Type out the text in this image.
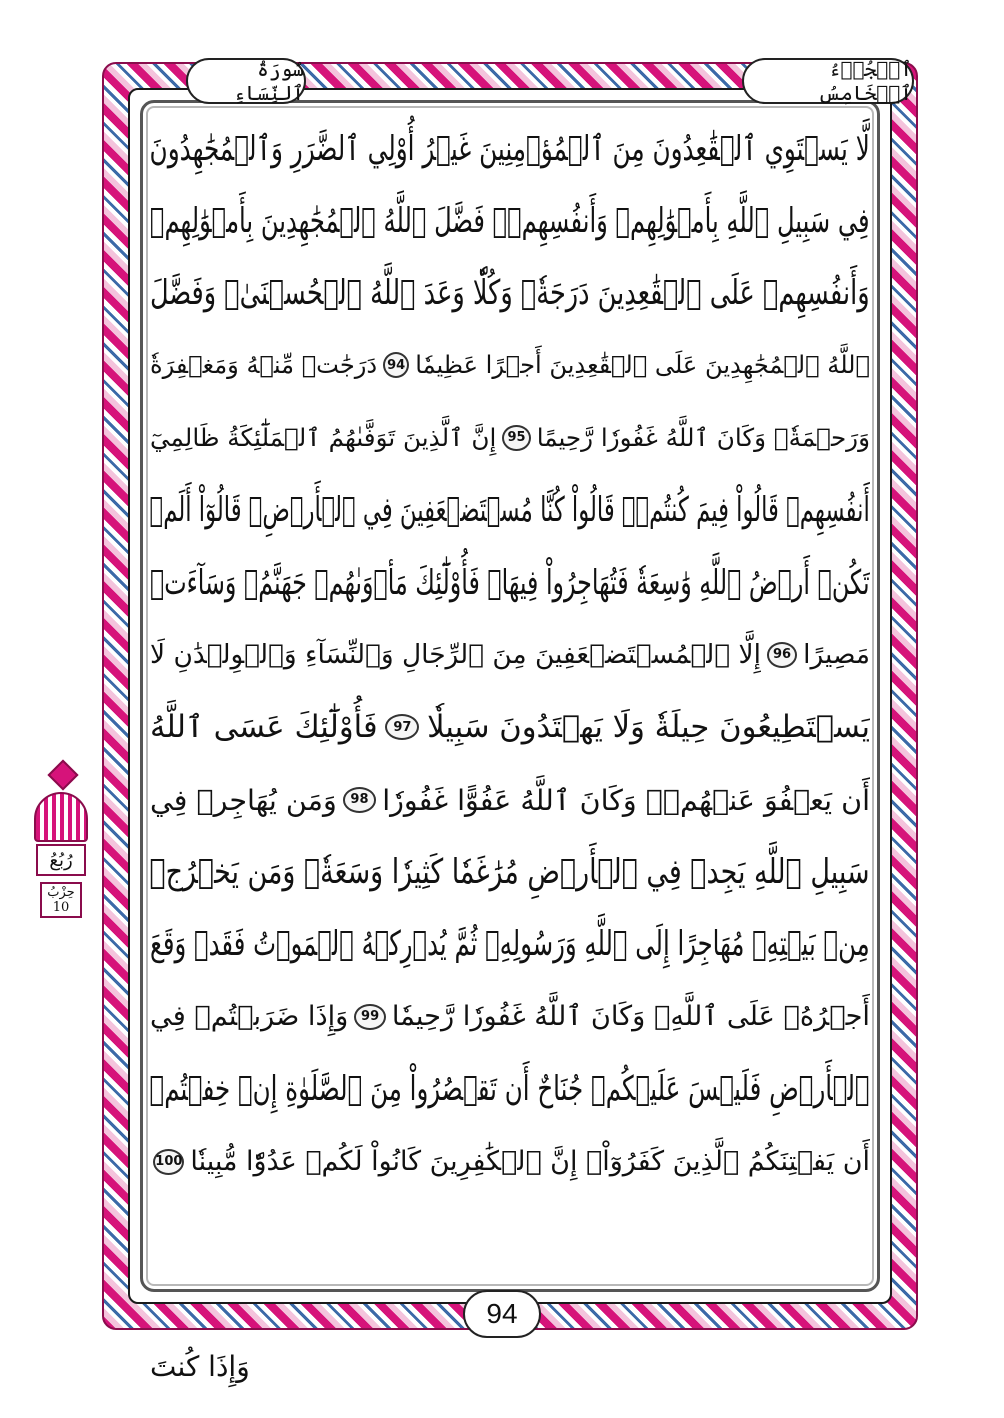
ٱلۡجُزۡءُ ٱلۡخَامِسُ
سُورَةُ ٱلنِّسَاءِ
لَّا يَسۡتَوِي ٱلۡقَٰعِدُونَ مِنَ ٱلۡمُؤۡمِنِينَ غَيۡرُ أُوْلِي ٱلضَّرَرِ وَٱلۡمُجَٰهِدُونَ
فِي سَبِيلِ ٱللَّهِ بِأَمۡوَٰلِهِمۡ وَأَنفُسِهِمۡۚ فَضَّلَ ٱللَّهُ ٱلۡمُجَٰهِدِينَ بِأَمۡوَٰلِهِمۡ
وَأَنفُسِهِمۡ عَلَى ٱلۡقَٰعِدِينَ دَرَجَةٗۚ وَكُلّٗا وَعَدَ ٱللَّهُ ٱلۡحُسۡنَىٰۚ وَفَضَّلَ
ٱللَّهُ ٱلۡمُجَٰهِدِينَ عَلَى ٱلۡقَٰعِدِينَ أَجۡرًا عَظِيمٗا
94
دَرَجَٰتٖ مِّنۡهُ وَمَغۡفِرَةٗ
وَرَحۡمَةٗۚ وَكَانَ ٱللَّهُ غَفُورٗا رَّحِيمًا
95
إِنَّ ٱلَّذِينَ تَوَفَّىٰهُمُ ٱلۡمَلَٰٓئِكَةُ ظَالِمِيٓ
أَنفُسِهِمۡ قَالُواْ فِيمَ كُنتُمۡۖ قَالُواْ كُنَّا مُسۡتَضۡعَفِينَ فِي ٱلۡأَرۡضِۚ قَالُوٓاْ أَلَمۡ
تَكُنۡ أَرۡضُ ٱللَّهِ وَٰسِعَةٗ فَتُهَاجِرُواْ فِيهَاۚ فَأُوْلَٰٓئِكَ مَأۡوَىٰهُمۡ جَهَنَّمُۖ وَسَآءَتۡ
مَصِيرًا
96
إِلَّا ٱلۡمُسۡتَضۡعَفِينَ مِنَ ٱلرِّجَالِ وَٱلنِّسَآءِ وَٱلۡوِلۡدَٰنِ لَا
يَسۡتَطِيعُونَ حِيلَةٗ وَلَا يَهۡتَدُونَ سَبِيلٗا
97
فَأُوْلَٰٓئِكَ عَسَى ٱللَّهُ
أَن يَعۡفُوَ عَنۡهُمۡۚ وَكَانَ ٱللَّهُ عَفُوًّا غَفُورٗا
98
وَمَن يُهَاجِرۡ فِي
سَبِيلِ ٱللَّهِ يَجِدۡ فِي ٱلۡأَرۡضِ مُرَٰغَمٗا كَثِيرٗا وَسَعَةٗۚ وَمَن يَخۡرُجۡ
مِنۢ بَيۡتِهِۦ مُهَاجِرًا إِلَى ٱللَّهِ وَرَسُولِهِۦ ثُمَّ يُدۡرِكۡهُ ٱلۡمَوۡتُ فَقَدۡ وَقَعَ
أَجۡرُهُۥ عَلَى ٱللَّهِۗ وَكَانَ ٱللَّهُ غَفُورٗا رَّحِيمٗا
99
وَإِذَا ضَرَبۡتُمۡ فِي
ٱلۡأَرۡضِ فَلَيۡسَ عَلَيۡكُمۡ جُنَاحٌ أَن تَقۡصُرُواْ مِنَ ٱلصَّلَوٰةِ إِنۡ خِفۡتُمۡ
أَن يَفۡتِنَكُمُ ٱلَّذِينَ كَفَرُوٓاْۚ إِنَّ ٱلۡكَٰفِرِينَ كَانُواْ لَكُمۡ عَدُوّٗا مُّبِينٗا
100
رُبُعُ
حِزْبُ
10
94
وَإِذَا كُنتَ
